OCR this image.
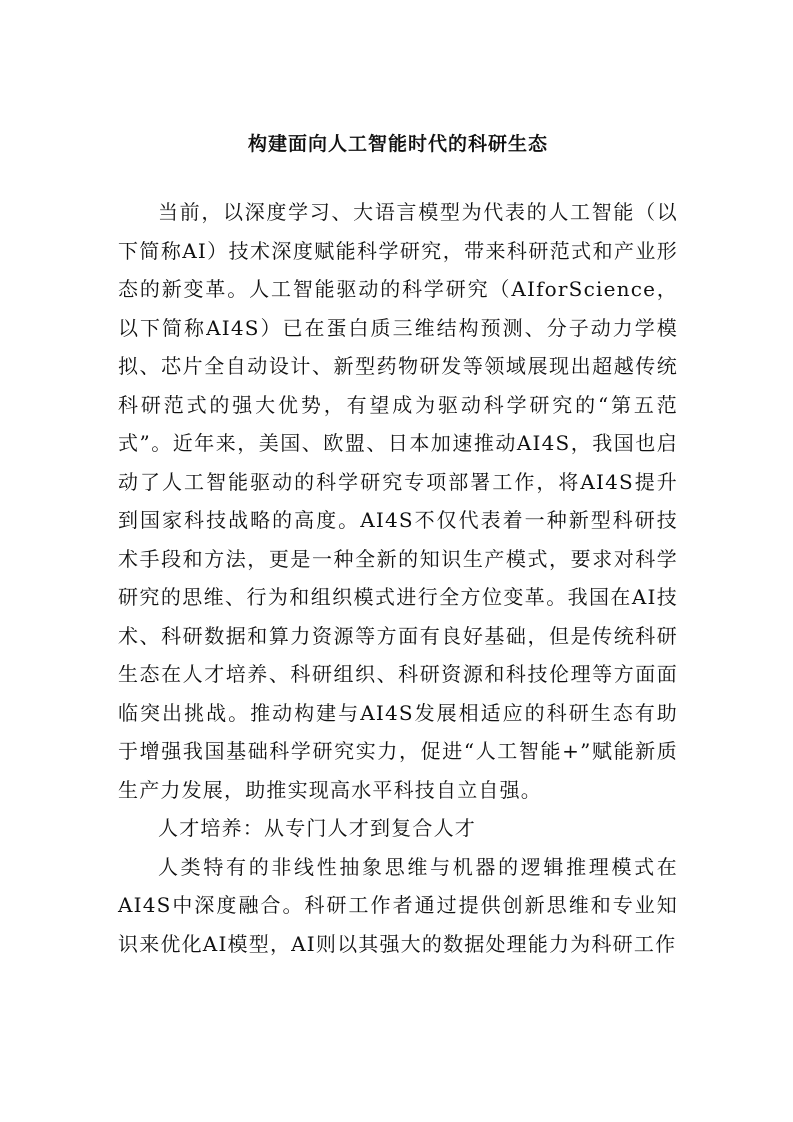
构建面向人工智能时代的科研生态

当前，以深度学习、大语言模型为代表的人工智能（以下简称AI）技术深度赋能科学研究，带来科研范式和产业形态的新变革。人工智能驱动的科学研究（AIforScience，以下简称AI4S）已在蛋白质三维结构预测、分子动力学模拟、芯片全自动设计、新型药物研发等领域展现出超越传统科研范式的强大优势，有望成为驱动科学研究的“第五范式”。近年来，美国、欧盟、日本加速推动AI4S，我国也启动了人工智能驱动的科学研究专项部署工作，将AI4S提升到国家科技战略的高度。AI4S不仅代表着一种新型科研技术手段和方法，更是一种全新的知识生产模式，要求对科学研究的思维、行为和组织模式进行全方位变革。我国在AI技术、科研数据和算力资源等方面有良好基础，但是传统科研生态在人才培养、科研组织、科研资源和科技伦理等方面面临突出挑战。推动构建与AI4S发展相适应的科研生态有助于增强我国基础科学研究实力，促进“人工智能+”赋能新质生产力发展，助推实现高水平科技自立自强。

人才培养：从专门人才到复合人才

人类特有的非线性抽象思维与机器的逻辑推理模式在AI4S中深度融合。科研工作者通过提供创新思维和专业知识来优化AI模型，AI则以其强大的数据处理能力为科研工作
